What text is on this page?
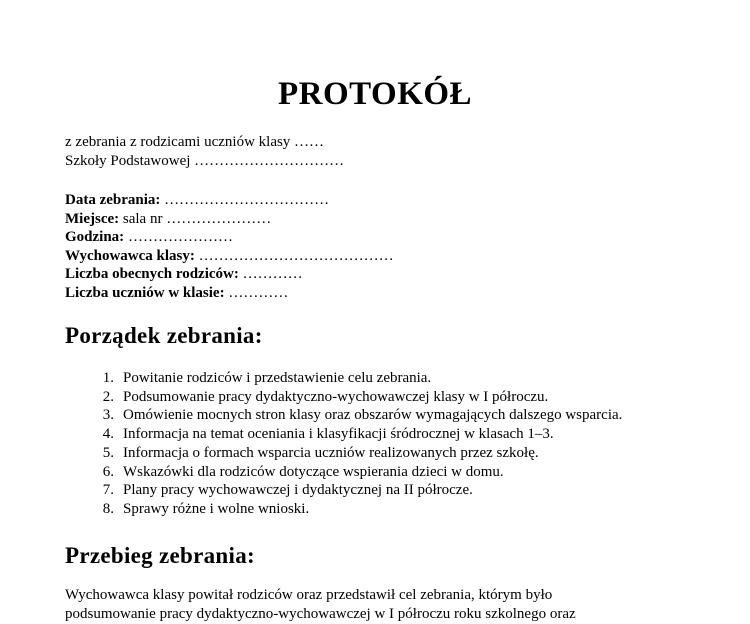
PROTOKÓŁ
z zebrania z rodzicami uczniów klasy ……
Szkoły Podstawowej …………………………
Data zebrania: ……………………………
Miejsce: sala nr …………………
Godzina: …………………
Wychowawca klasy: …………………………………
Liczba obecnych rodziców: …………
Liczba uczniów w klasie: …………
Porządek zebrania:
1. Powitanie rodziców i przedstawienie celu zebrania.
2. Podsumowanie pracy dydaktyczno-wychowawczej klasy w I półroczu.
3. Omówienie mocnych stron klasy oraz obszarów wymagających dalszego wsparcia.
4. Informacja na temat oceniania i klasyfikacji śródrocznej w klasach 1–3.
5. Informacja o formach wsparcia uczniów realizowanych przez szkołę.
6. Wskazówki dla rodziców dotyczące wspierania dzieci w domu.
7. Plany pracy wychowawczej i dydaktycznej na II półrocze.
8. Sprawy różne i wolne wnioski.
Przebieg zebrania:
Wychowawca klasy powitał rodziców oraz przedstawił cel zebrania, którym było
podsumowanie pracy dydaktyczno-wychowawczej w I półroczu roku szkolnego oraz
